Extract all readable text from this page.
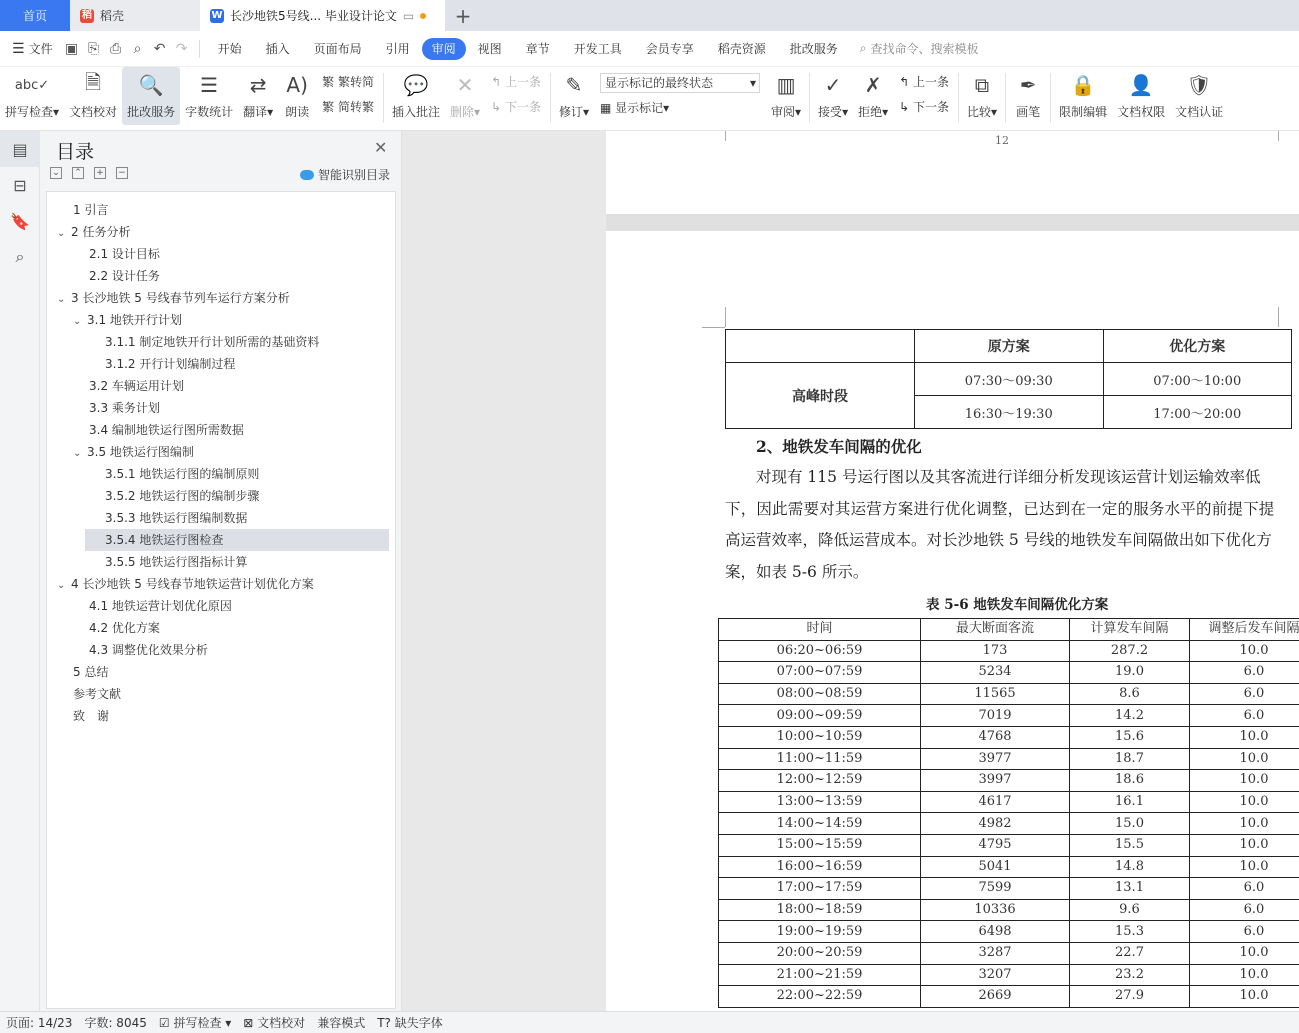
首页	稻 稻壳	W 长沙地铁5号线... 毕业设计论文 ▭	+
☰ 文件 ▣ ⎘ ⎙ ⌕ ↶ ↷	开始	插入	页面布局	引用	审阅	视图	章节	开发工具	会员专享	稻壳资源	批改服务	⌕ 查找命令、搜索模板
abc✓
拼写检查▾
🗎
文档校对
🔍
批改服务
☰
字数统计
⇄
翻译▾
A)
朗读
繁 繁转简
繁 简转繁
💬
插入批注
✕
删除▾
↰ 上一条
↳ 下一条
✎
修订▾
显示标记的最终状态	▾
▦ 显示标记▾
▥
审阅▾
✓
接受▾
✗
拒绝▾
↰ 上一条
↳ 下一条
⧉
比较▾
✒
画笔
🔒
限制编辑
👤
文档权限
🛡
文档认证
▤
⊟
🔖
⌕
目录	✕
⌄ ⌃ + −	智能识别目录
1 引言
⌄ 2 任务分析
2.1 设计目标
2.2 设计任务
⌄ 3 长沙地铁 5 号线春节列车运行方案分析
⌄ 3.1 地铁开行计划
3.1.1 制定地铁开行计划所需的基础资料
3.1.2 开行计划编制过程
3.2 车辆运用计划
3.3 乘务计划
3.4 编制地铁运行图所需数据
⌄ 3.5 地铁运行图编制
3.5.1 地铁运行图的编制原则
3.5.2 地铁运行图的编制步骤
3.5.3 地铁运行图编制数据
3.5.4 地铁运行图检查
3.5.5 地铁运行图指标计算
⌄ 4 长沙地铁 5 号线春节地铁运营计划优化方案
4.1 地铁运营计划优化原因
4.2 优化方案
4.3 调整优化效果分析
5 总结
参考文献
致　谢
12
	原方案	优化方案
高峰时段	07:30～09:30	07:00～10:00
	16:30～19:30	17:00～20:00
2、地铁发车间隔的优化
对现有 115 号运行图以及其客流进行详细分析发现该运营计划运输效率低
下，因此需要对其运营方案进行优化调整，已达到在一定的服务水平的前提下提
高运营效率，降低运营成本。对长沙地铁 5 号线的地铁发车间隔做出如下优化方
案，如表 5-6 所示。
表 5-6 地铁发车间隔优化方案
时间	最大断面客流	计算发车间隔	调整后发车间隔
06:20~06:59	173	287.2	10.0
07:00~07:59	5234	19.0	6.0
08:00~08:59	11565	8.6	6.0
09:00~09:59	7019	14.2	6.0
10:00~10:59	4768	15.6	10.0
11:00~11:59	3977	18.7	10.0
12:00~12:59	3997	18.6	10.0
13:00~13:59	4617	16.1	10.0
14:00~14:59	4982	15.0	10.0
15:00~15:59	4795	15.5	10.0
16:00~16:59	5041	14.8	10.0
17:00~17:59	7599	13.1	6.0
18:00~18:59	10336	9.6	6.0
19:00~19:59	6498	15.3	6.0
20:00~20:59	3287	22.7	10.0
21:00~21:59	3207	23.2	10.0
22:00~22:59	2669	27.9	10.0
页面: 14/23 字数: 8045 ☑ 拼写检查 ▾ ⊠ 文档校对 兼容模式 T? 缺失字体
